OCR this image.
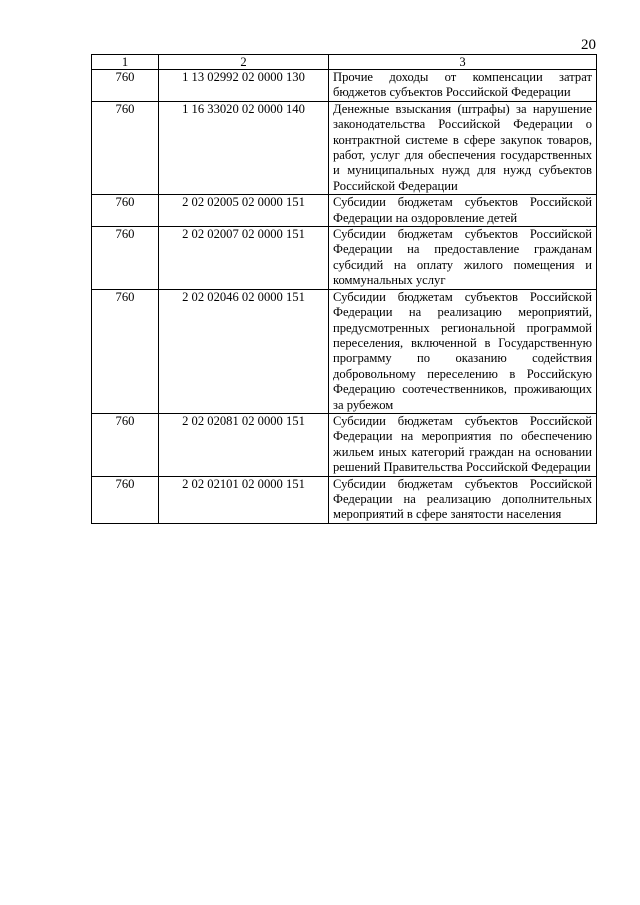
20
1	2	3
760	1 13 02992 02 0000 130	Прочие доходы от компенсации затрат бюджетов субъектов Российской Федерации
760	1 16 33020 02 0000 140	Денежные взыскания (штрафы) за нарушение законодательства Российской Федерации о контрактной системе в сфере закупок товаров, работ, услуг для обеспечения государственных и муниципальных нужд для нужд субъектов Российской Федерации
760	2 02 02005 02 0000 151	Субсидии бюджетам субъектов Российской Федерации на оздоровление детей
760	2 02 02007 02 0000 151	Субсидии бюджетам субъектов Российской Федерации на предоставление гражданам субсидий на оплату жилого помещения и коммунальных услуг
760	2 02 02046 02 0000 151	Субсидии бюджетам субъектов Российской Федерации на реализацию мероприятий, предусмотренных региональной программой переселения, включенной в Государственную программу по оказанию содействия добровольному переселению в Российскую Федерацию соотечественников, проживающих за рубежом
760	2 02 02081 02 0000 151	Субсидии бюджетам субъектов Российской Федерации на мероприятия по обеспечению жильем иных категорий граждан на основании решений Правительства Российской Федерации
760	2 02 02101 02 0000 151	Субсидии бюджетам субъектов Российской Федерации на реализацию дополнительных мероприятий в сфере занятости населения
